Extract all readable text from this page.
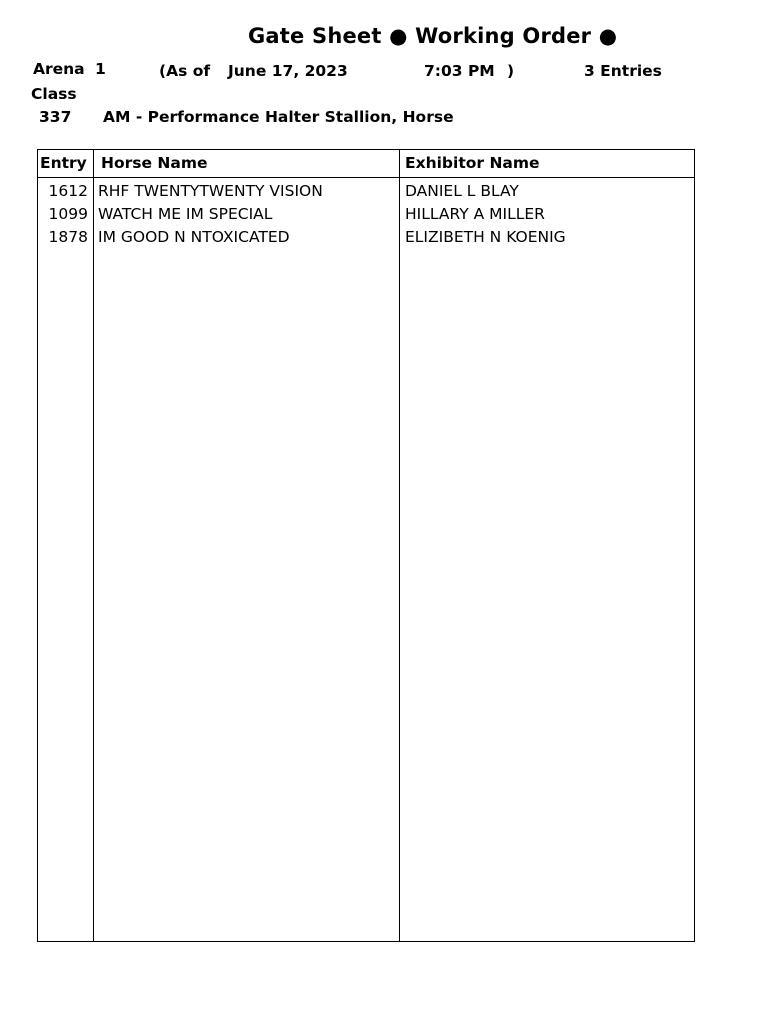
Gate Sheet ● Working Order ●
Arena 1	(As of June 17, 2023	7:03 PM )	3 Entries
Class
337 AM - Performance Halter Stallion, Horse
Entry Horse Name	Exhibitor Name
1612 RHF TWENTYTWENTY VISION	DANIEL L BLAY
1099 WATCH ME IM SPECIAL	HILLARY A MILLER
1878 IM GOOD N NTOXICATED	ELIZIBETH N KOENIG
